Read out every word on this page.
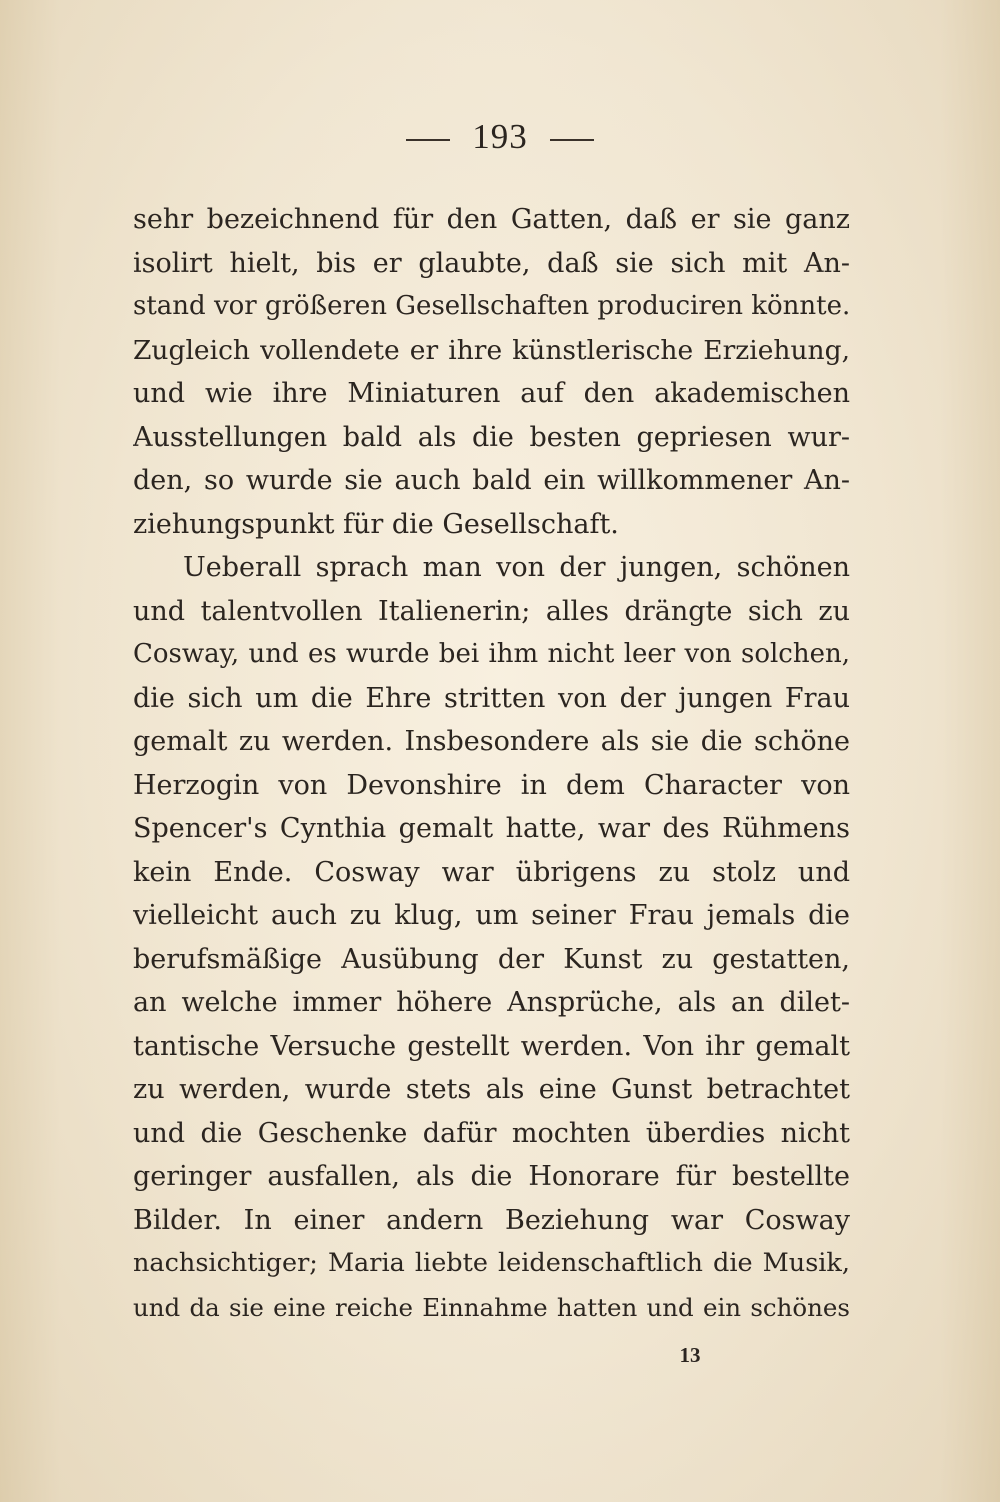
193
sehr bezeichnend für den Gatten, daß er sie ganz
isolirt hielt, bis er glaubte, daß sie sich mit An-
stand vor größeren Gesellschaften produciren könnte.
Zugleich vollendete er ihre künstlerische Erziehung,
und wie ihre Miniaturen auf den akademischen
Ausstellungen bald als die besten gepriesen wur-
den, so wurde sie auch bald ein willkommener An-
ziehungspunkt für die Gesellschaft.
Ueberall sprach man von der jungen, schönen
und talentvollen Italienerin; alles drängte sich zu
Cosway, und es wurde bei ihm nicht leer von solchen,
die sich um die Ehre stritten von der jungen Frau
gemalt zu werden. Insbesondere als sie die schöne
Herzogin von Devonshire in dem Character von
Spencer's Cynthia gemalt hatte, war des Rühmens
kein Ende. Cosway war übrigens zu stolz und
vielleicht auch zu klug, um seiner Frau jemals die
berufsmäßige Ausübung der Kunst zu gestatten,
an welche immer höhere Ansprüche, als an dilet-
tantische Versuche gestellt werden. Von ihr gemalt
zu werden, wurde stets als eine Gunst betrachtet
und die Geschenke dafür mochten überdies nicht
geringer ausfallen, als die Honorare für bestellte
Bilder. In einer andern Beziehung war Cosway
nachsichtiger; Maria liebte leidenschaftlich die Musik,
und da sie eine reiche Einnahme hatten und ein schönes
13
